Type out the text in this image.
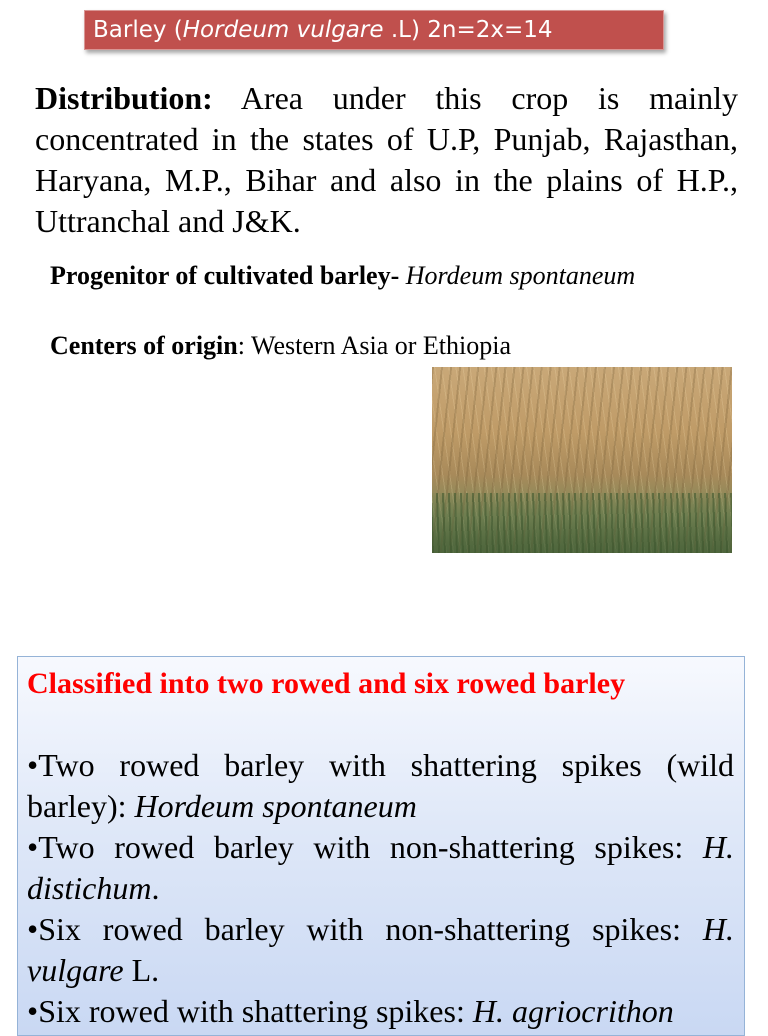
Barley (Hordeum vulgare .L) 2n=2x=14

Distribution: Area under this crop is mainly concentrated in the states of U.P, Punjab, Rajasthan, Haryana, M.P., Bihar and also in the plains of H.P., Uttranchal and J&K.

Progenitor of cultivated barley- Hordeum spontaneum

Centers of origin: Western Asia or Ethiopia

Classified into two rowed and six rowed barley

•Two rowed barley with shattering spikes (wild barley): Hordeum spontaneum
•Two rowed barley with non-shattering spikes: H. distichum.
•Six rowed barley with non-shattering spikes: H. vulgare L.
•Six rowed with shattering spikes: H. agriocrithon
